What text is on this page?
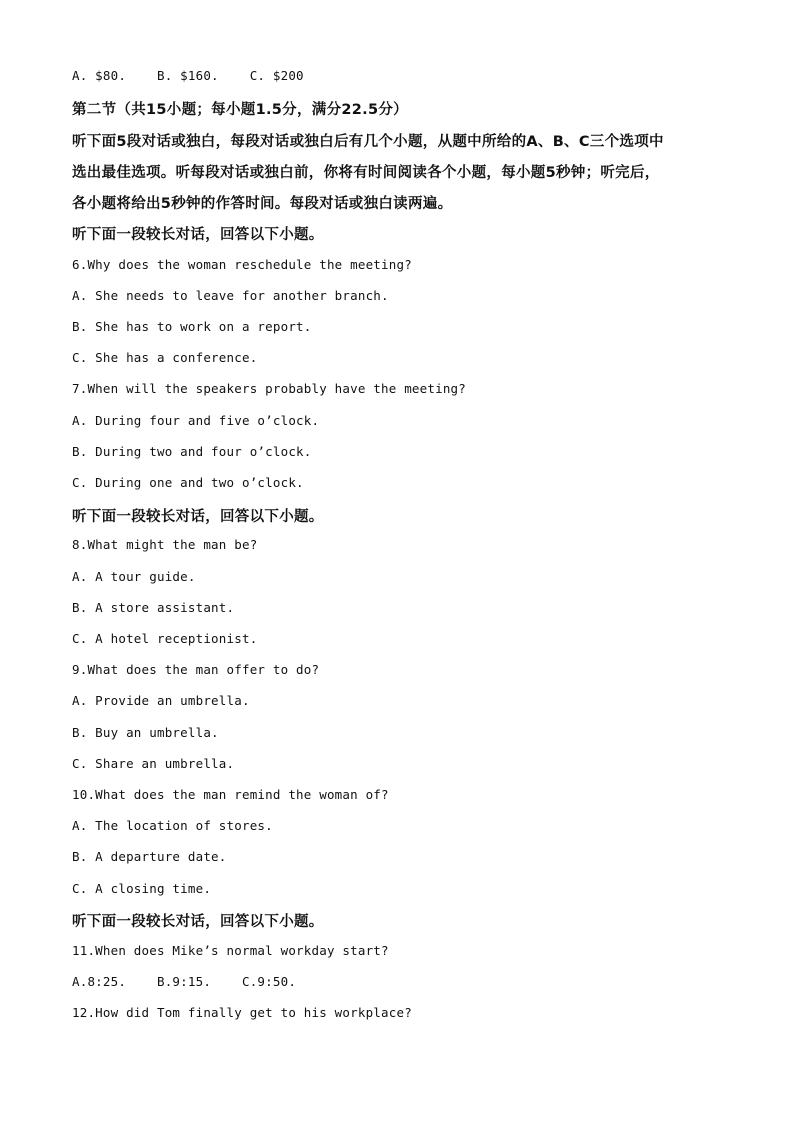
A. $80.    B. $160.    C. $200
第二节（共15小题；每小题1.5分，满分22.5分）
听下面5段对话或独白，每段对话或独白后有几个小题，从题中所给的A、B、C三个选项中
选出最佳选项。听每段对话或独白前，你将有时间阅读各个小题，每小题5秒钟；听完后，
各小题将给出5秒钟的作答时间。每段对话或独白读两遍。
听下面一段较长对话，回答以下小题。
6.Why does the woman reschedule the meeting?
A. She needs to leave for another branch.
B. She has to work on a report.
C. She has a conference.
7.When will the speakers probably have the meeting?
A. During four and five o’clock.
B. During two and four o’clock.
C. During one and two o’clock.
听下面一段较长对话，回答以下小题。
8.What might the man be?
A. A tour guide.
B. A store assistant.
C. A hotel receptionist.
9.What does the man offer to do?
A. Provide an umbrella.
B. Buy an umbrella.
C. Share an umbrella.
10.What does the man remind the woman of?
A. The location of stores.
B. A departure date.
C. A closing time.
听下面一段较长对话，回答以下小题。
11.When does Mike’s normal workday start?
A.8:25.    B.9:15.    C.9:50.
12.How did Tom finally get to his workplace?
